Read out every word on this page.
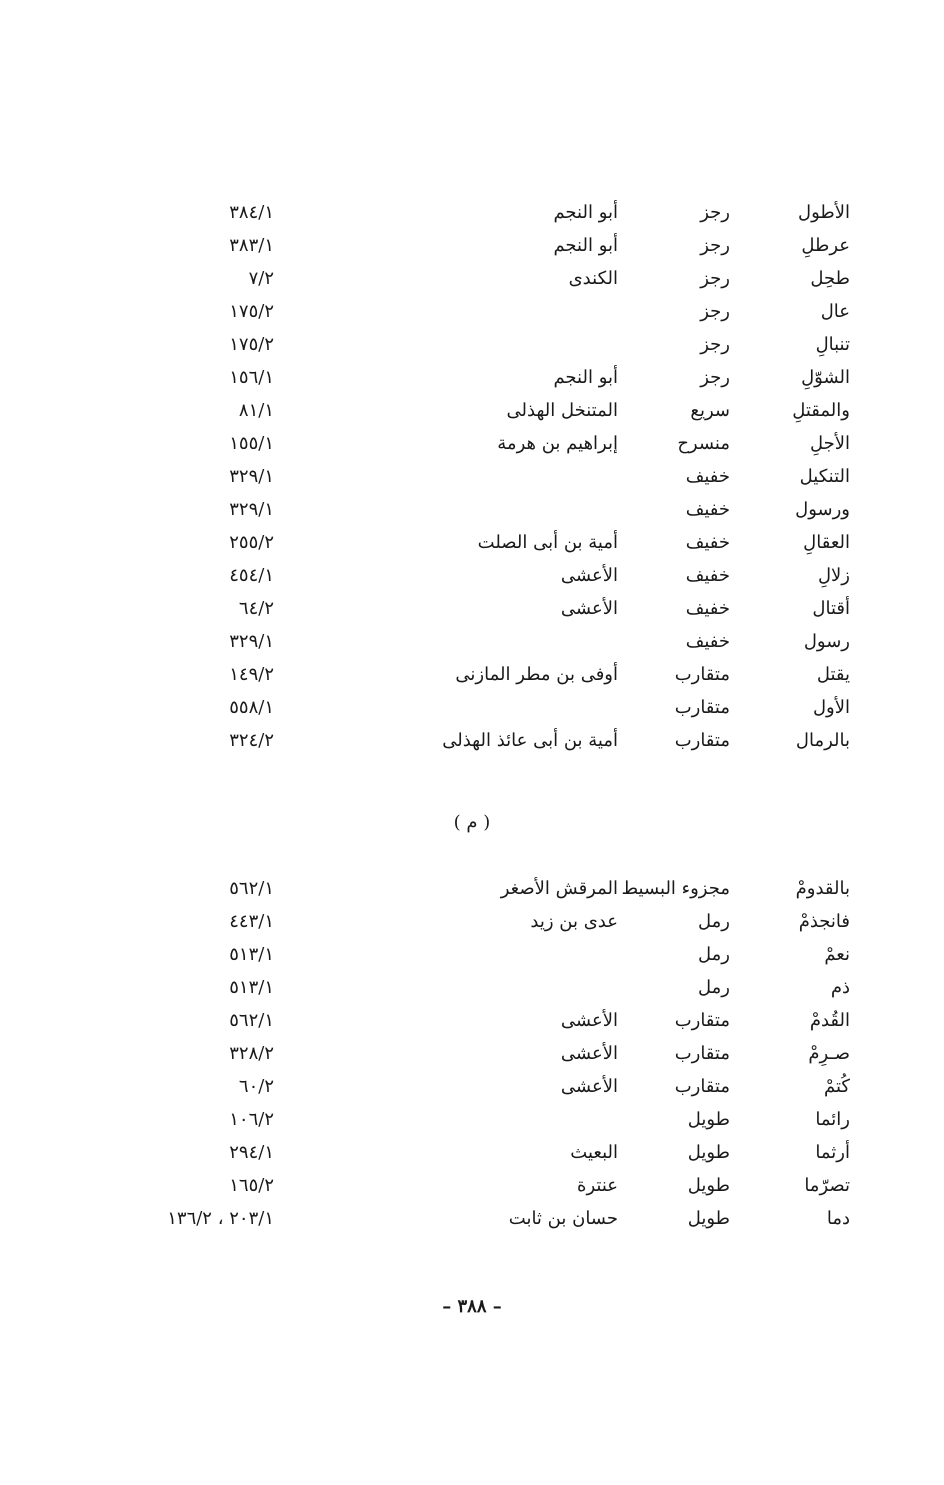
الأطول
رجز
أبو النجم
٣٨٤/١
عرطلِ
رجز
أبو النجم
٣٨٣/١
طحِل
رجز
الكندى
٧/٢
عال
رجز
١٧٥/٢
تنبالِ
رجز
١٧٥/٢
الشوّلِ
رجز
أبو النجم
١٥٦/١
والمقتلِ
سريع
المتنخل الهذلى
٨١/١
الأجلِ
منسرح
إبراهيم بن هرمة
١٥٥/١
التنكيل
خفيف
٣٢٩/١
ورسول
خفيف
٣٢٩/١
العقالِ
خفيف
أمية بن أبى الصلت
٢٥٥/٢
زلالِ
خفيف
الأعشى
٤٥٤/١
أقتال
خفيف
الأعشى
٦٤/٢
رسول
خفيف
٣٢٩/١
يقتل
متقارب
أوفى بن مطر المازنى
١٤٩/٢
الأول
متقارب
٥٥٨/١
بالرمال
متقارب
أمية بن أبى عائذ الهذلى
٣٢٤/٢
( م )
بالقدومْ
مجزوء البسيط
المرقش الأصغر
٥٦٢/١
فانجذمْ
رمل
عدى بن زيد
٤٤٣/١
نعمْ
رمل
٥١٣/١
ذم
رمل
٥١٣/١
القُدمْ
متقارب
الأعشى
٥٦٢/١
صـرِمْ
متقارب
الأعشى
٣٢٨/٢
كُتمْ
متقارب
الأعشى
٦٠/٢
رائما
طويل
١٠٦/٢
أرثما
طويل
البعيث
٢٩٤/١
تصرّما
طويل
عنترة
١٦٥/٢
دما
طويل
حسان بن ثابت
٢٠٣/١ ، ١٣٦/٢
– ٣٨٨ –
